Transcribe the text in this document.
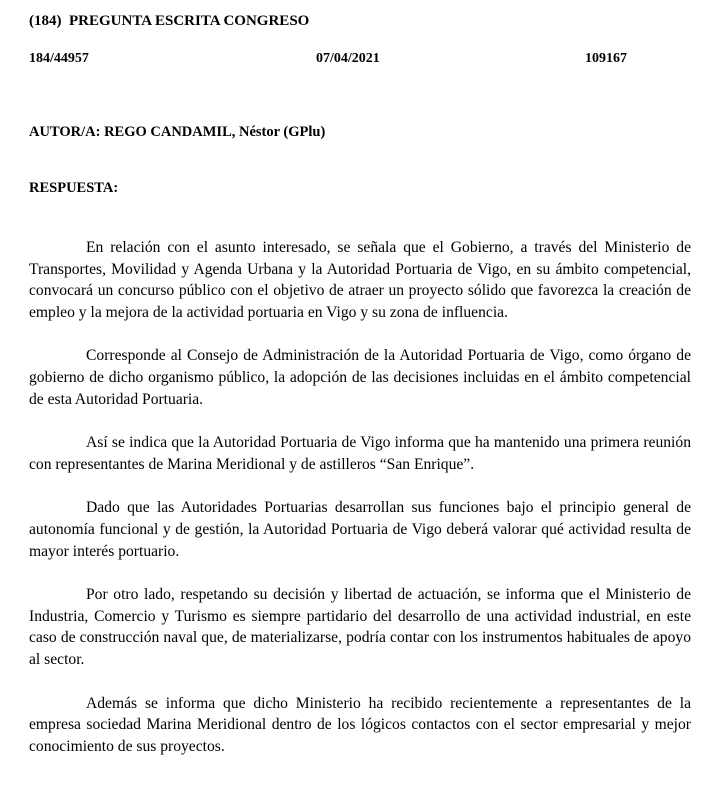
(184) PREGUNTA ESCRITA CONGRESO
184/44957	07/04/2021	109167
AUTOR/A: REGO CANDAMIL, Néstor (GPlu)
RESPUESTA:

En relación con el asunto interesado, se señala que el Gobierno, a través del Ministerio de Transportes, Movilidad y Agenda Urbana y la Autoridad Portuaria de Vigo, en su ámbito competencial, convocará un concurso público con el objetivo de atraer un proyecto sólido que favorezca la creación de empleo y la mejora de la actividad portuaria en Vigo y su zona de influencia.

Corresponde al Consejo de Administración de la Autoridad Portuaria de Vigo, como órgano de gobierno de dicho organismo público, la adopción de las decisiones incluidas en el ámbito competencial de esta Autoridad Portuaria.

Así se indica que la Autoridad Portuaria de Vigo informa que ha mantenido una primera reunión con representantes de Marina Meridional y de astilleros “San Enrique”.

Dado que las Autoridades Portuarias desarrollan sus funciones bajo el principio general de autonomía funcional y de gestión, la Autoridad Portuaria de Vigo deberá valorar qué actividad resulta de mayor interés portuario.

Por otro lado, respetando su decisión y libertad de actuación, se informa que el Ministerio de Industria, Comercio y Turismo es siempre partidario del desarrollo de una actividad industrial, en este caso de construcción naval que, de materializarse, podría contar con los instrumentos habituales de apoyo al sector.

Además se informa que dicho Ministerio ha recibido recientemente a representantes de la empresa sociedad Marina Meridional dentro de los lógicos contactos con el sector empresarial y mejor conocimiento de sus proyectos.
